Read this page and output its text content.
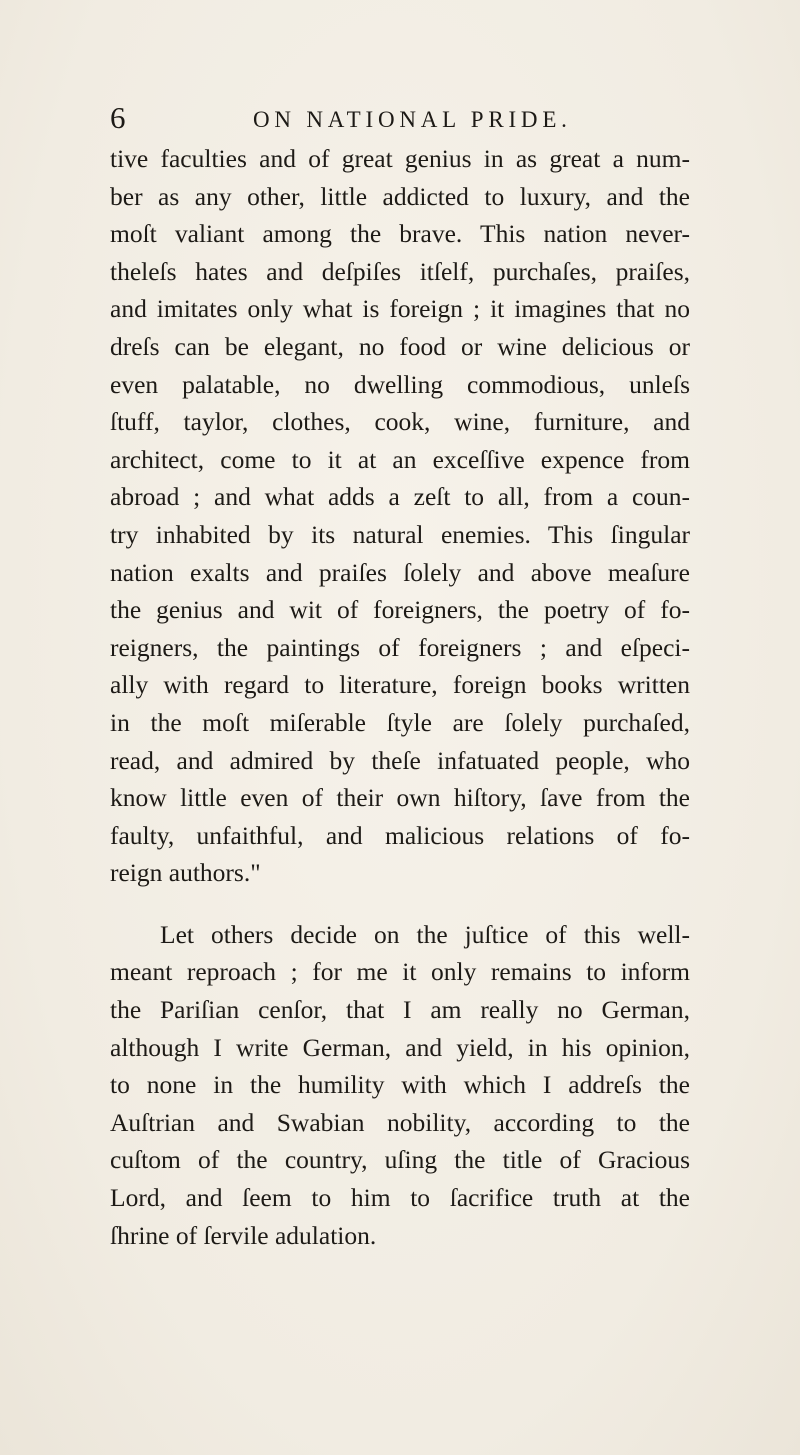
6	ON NATIONAL PRIDE.
tive faculties and of great genius in as great a num-
ber as any other, little addicted to luxury, and the
moſt valiant among the brave. This nation never-
theleſs hates and deſpiſes itſelf, purchaſes, praiſes,
and imitates only what is foreign ; it imagines that no
dreſs can be elegant, no food or wine delicious or
even palatable, no dwelling commodious, unleſs
ſtuff, taylor, clothes, cook, wine, furniture, and
architect, come to it at an exceſſive expence from
abroad ; and what adds a zeſt to all, from a coun-
try inhabited by its natural enemies. This ſingular
nation exalts and praiſes ſolely and above meaſure
the genius and wit of foreigners, the poetry of fo-
reigners, the paintings of foreigners ; and eſpeci-
ally with regard to literature, foreign books written
in the moſt miſerable ſtyle are ſolely purchaſed,
read, and admired by theſe infatuated people, who
know little even of their own hiſtory, ſave from the
faulty, unfaithful, and malicious relations of fo-
reign authors."
Let others decide on the juſtice of this well-
meant reproach ; for me it only remains to inform
the Pariſian cenſor, that I am really no German,
although I write German, and yield, in his opinion,
to none in the humility with which I addreſs the
Auſtrian and Swabian nobility, according to the
cuſtom of the country, uſing the title of Gracious
Lord, and ſeem to him to ſacrifice truth at the
ſhrine of ſervile adulation.
